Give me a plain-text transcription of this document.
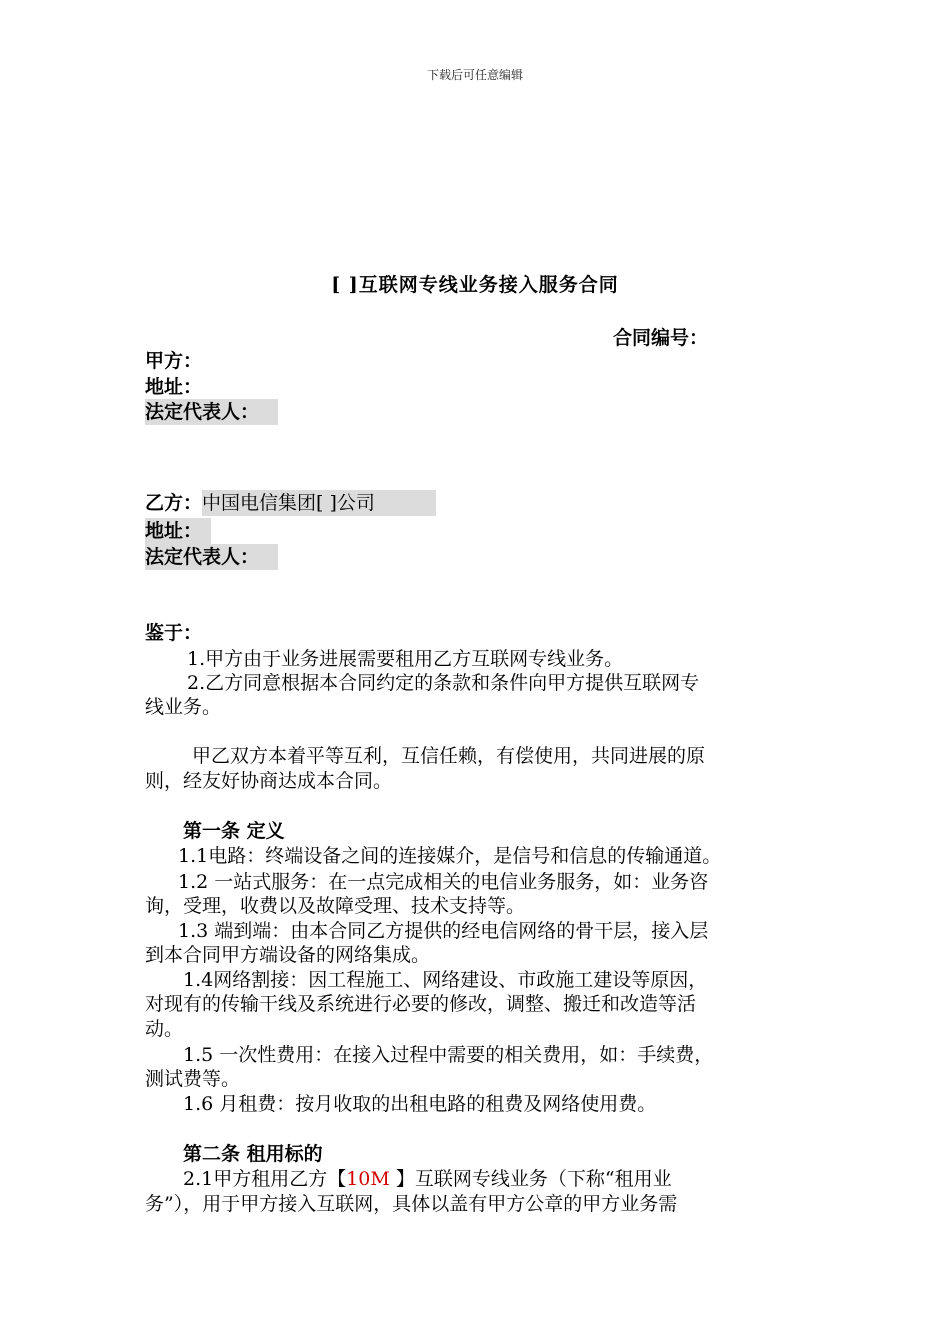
下载后可任意编辑
[ ]互联网专线业务接入服务合同
合同编号：
甲方：
地址：
法定代表人：
乙方：中国电信集团[ ]公司
地址：
法定代表人：
鉴于：
1.甲方由于业务进展需要租用乙方互联网专线业务。
2.乙方同意根据本合同约定的条款和条件向甲方提供互联网专
线业务。
甲乙双方本着平等互利，互信任赖，有偿使用，共同进展的原
则，经友好协商达成本合同。
第一条 定义
1.1电路：终端设备之间的连接媒介，是信号和信息的传输通道。
1.2 一站式服务：在一点完成相关的电信业务服务，如：业务咨
询，受理，收费以及故障受理、技术支持等。
1.3 端到端：由本合同乙方提供的经电信网络的骨干层，接入层
到本合同甲方端设备的网络集成。
1.4网络割接：因工程施工、网络建设、市政施工建设等原因，
对现有的传输干线及系统进行必要的修改，调整、搬迁和改造等活
动。
1.5 一次性费用：在接入过程中需要的相关费用，如：手续费，
测试费等。
1.6 月租费：按月收取的出租电路的租费及网络使用费。
第二条 租用标的
2.1甲方租用乙方【10M 】互联网专线业务（下称“租用业
务”），用于甲方接入互联网，具体以盖有甲方公章的甲方业务需
